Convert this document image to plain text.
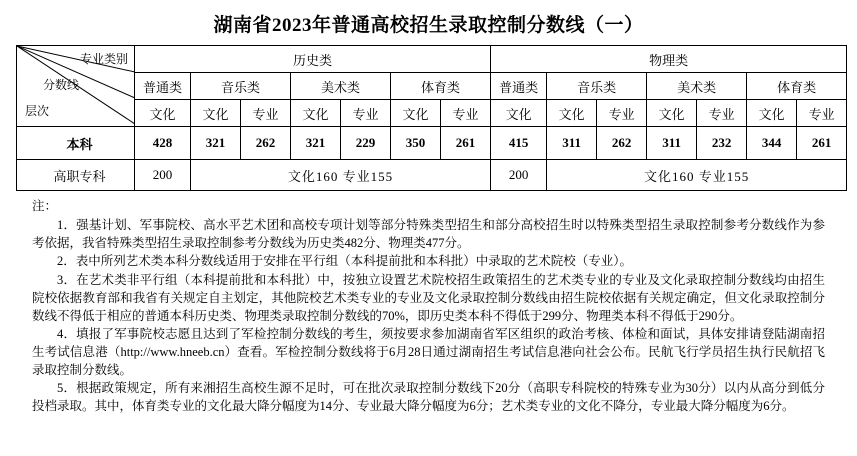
湖南省2023年普通高校招生录取控制分数线（一）
专业类别
分数线
层次	历史类							物理类						
	普通类	音乐类		美术类		体育类		普通类	音乐类		美术类		体育类	
	文化	文化	专业	文化	专业	文化	专业	文化	文化	专业	文化	专业	文化	专业
本科	428	321	262	321	229	350	261	415	311	262	311	232	344	261
高职专科	200	文化160 专业155						200	文化160 专业155					

注：

1．强基计划、军事院校、高水平艺术团和高校专项计划等部分特殊类型招生和部分高校招生时以特殊类型招生录取控制参考分数线作为参考依据，我省特殊类型招生录取控制参考分数线为历史类482分、物理类477分。

2．表中所列艺术类本科分数线适用于安排在平行组（本科提前批和本科批）中录取的艺术院校（专业）。

3．在艺术类非平行组（本科提前批和本科批）中，按独立设置艺术院校招生政策招生的艺术类专业的专业及文化录取控制分数线均由招生院校依据教育部和我省有关规定自主划定，其他院校艺术类专业的专业及文化录取控制分数线由招生院校依据有关规定确定，但文化录取控制分数线不得低于相应的普通本科历史类、物理类录取控制分数线的70%，即历史类本科不得低于299分、物理类本科不得低于290分。

4．填报了军事院校志愿且达到了军检控制分数线的考生，须按要求参加湖南省军区组织的政治考核、体检和面试，具体安排请登陆湖南招生考试信息港（http://www.hneeb.cn）查看。军检控制分数线将于6月28日通过湖南招生考试信息港向社会公布。民航飞行学员招生执行民航招飞录取控制分数线。

5．根据政策规定，所有来湘招生高校生源不足时，可在批次录取控制分数线下20分（高职专科院校的特殊专业为30分）以内从高分到低分投档录取。其中，体育类专业的文化最大降分幅度为14分、专业最大降分幅度为6分；艺术类专业的文化不降分，专业最大降分幅度为6分。
